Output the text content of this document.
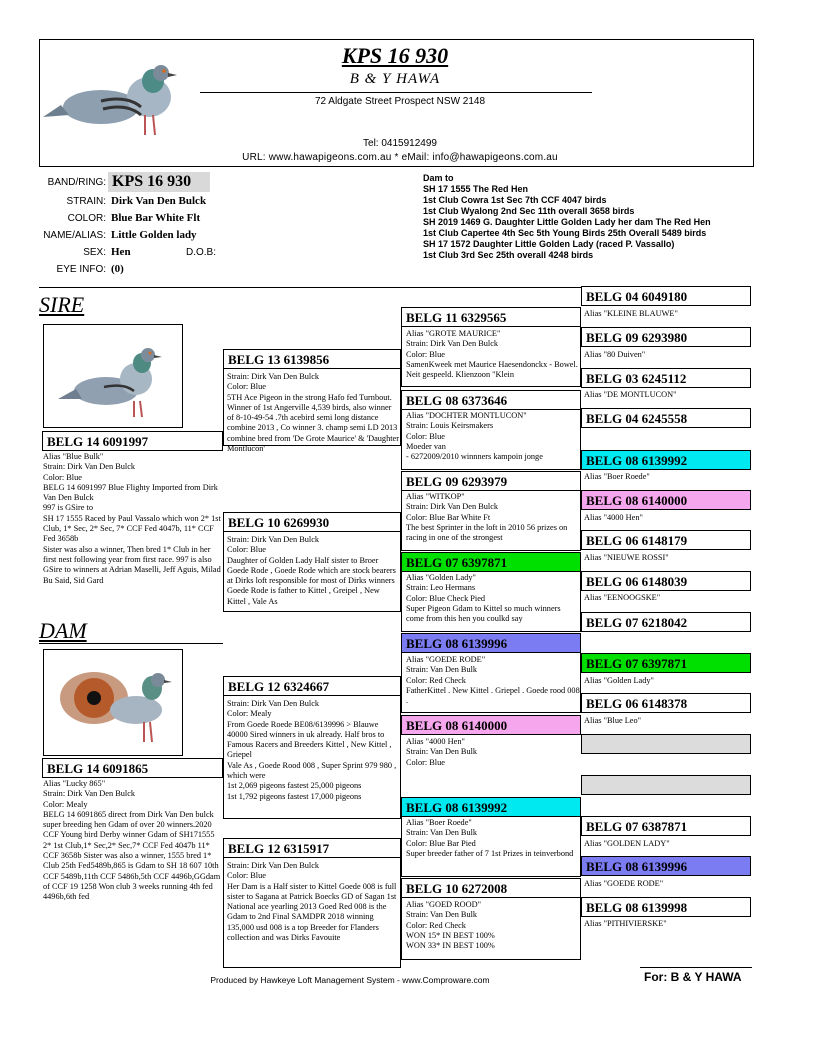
KPS 16 930
B & Y HAWA
72 Aldgate Street Prospect NSW 2148
Tel: 0415912499
URL: www.hawapigeons.com.au * eMail: info@hawapigeons.com.au
BAND/RING: KPS 16 930
STRAIN: Dirk Van Den Bulck
COLOR: Blue Bar White Flt
NAME/ALIAS: Little Golden lady
SEX: Hen	D.O.B:
EYE INFO: (0)
Dam to
SH 17 1555 The Red Hen
1st Club Cowra 1st Sec 7th CCF 4047 birds
1st Club Wyalong 2nd Sec 11th overall 3658 birds
SH 2019 1469 G. Daughter Little Golden Lady her dam The Red Hen
1st Club Capertee 4th Sec 5th Young Birds 25th Overall 5489 birds
SH 17 1572 Daughter Little Golden Lady (raced P. Vassallo)
1st Club 3rd Sec 25th overall 4248 birds
SIRE
BELG 14 6091997
Alias "Blue Bulk"
Strain: Dirk Van Den Bulck
Color: Blue
BELG 14 6091997 Blue Flighty Imported from Dirk Van Den Bulck
997 is GSire to
SH 17 1555 Raced by Paul Vassalo which won 2* 1st Club, 1* Sec, 2* Sec, 7* CCF Fed 4047b, 11* CCF Fed 3658b
Sister was also a winner, Then bred 1* Club in her first nest following year from first race. 997 is also GSire to winners at Adrian Maselli, Jeff Aguis, Milad Bu Said, Sid Gard
DAM
BELG 14 6091865
Alias "Lucky 865"
Strain: Dirk Van Den Bulck
Color: Mealy
BELG 14 6091865 direct from Dirk Van Den bulck super breeding hen Gdam of over 20 winners.2020 CCF Young bird Derby winner Gdam of SH171555 2* 1st Club,1* Sec,2* Sec,7* CCF Fed 4047b 11* CCF 3658b Sister was also a winner, 1555 bred 1* Club 25th Fed5489b,865 is Gdam to SH 18 607 10th CCF 5489b,11th CCF 5486b,5th CCF 4496b,GGdam of CCF 19 1258 Won club 3 weeks running 4th fed 4496b,6th fed
BELG 13 6139856
Strain: Dirk Van Den Bulck
Color: Blue
5TH Ace Pigeon in the strong Hafo fed Turnbout.
Winner of 1st Angerville 4,539 birds, also winner of 8-10-49-54 .7th acebird semi long distance combine 2013 , Co winner 3. champ semi LD 2013 combine bred from 'De Grote Maurice' & 'Daughter Montlucon'
BELG 10 6269930
Strain: Dirk Van Den Bulck
Color: Blue
Daughter of Golden Lady Half sister to Broer Goede Rode , Goede Rode which are stock bearers at Dirks loft responsible for most of Dirks winners Goede Rode is father to Kittel , Greipel , New Kittel , Vale As
BELG 12 6324667
Strain: Dirk Van Den Bulck
Color: Mealy
From Goede Roede BE08/6139996 > Blauwe 40000 Sired winners in uk already. Half bros to Famous Racers and Breeders Kittel , New Kittel , Griepel
Vale As , Goede Rood 008 , Super Sprint 979 980 , which were
1st 2,069 pigeons fastest 25,000 pigeons
1st 1,792 pigeons fastest 17,000 pigeons
BELG 12 6315917
Strain: Dirk Van Den Bulck
Color: Blue
Her Dam is a Half sister to Kittel Goede 008 is full sister to Sagana at Patrick Boecks GD of Sagan 1st National ace yearling 2013 Goed Red 008 is the Gdam to 2nd Final SAMDPR 2018 winning 135,000 usd 008 is a top Breeder for Flanders collection and was Dirks Favouite
BELG 11 6329565
Alias "GROTE MAURICE"
Strain: Dirk Van Den Bulck
Color: Blue
SamenKweek met Maurice Haesendonckx - Bowel. Neit gespeeld. Klienzoon "Klein
BELG 08 6373646
Alias "DOCHTER MONTLUCON"
Strain: Louis Keirsmakers
Color: Blue
Moeder van
- 6272009/2010 winnners kampoin jonge
BELG 09 6293979
Alias "WITKOP"
Strain: Dirk Van Den Bulck
Color: Blue Bar White Ft
The best Sprinter in the loft in 2010 56 prizes on racing in one of the strongest
BELG 07 6397871
Alias "Golden Lady"
Strain: Leo Hermans
Color: Blue Check Pied
Super Pigeon Gdam to Kittel so much winners come from this hen you coulkd say
BELG 08 6139996
Alias "GOEDE RODE"
Strain: Van Den Bulk
Color: Red Check
FatherKittel . New Kittel . Griepel . Goede rood 008 .
BELG 08 6140000
Alias "4000 Hen"
Strain: Van Den Bulk
Color: Blue
BELG 08 6139992
Alias "Boer Roede"
Strain: Van Den Bulk
Color: Blue Bar Pied
Super breeder father of 7 1st Prizes in teinverbond
BELG 10 6272008
Alias "GOED ROOD"
Strain: Van Den Bulk
Color: Red Check
WON 15* IN BEST 100%
WON 33* IN BEST 100%
BELG 04 6049180
Alias "KLEINE BLAUWE"
BELG 09 6293980
Alias "80 Duiven"
BELG 03 6245112
Alias "DE MONTLUCON"
BELG 04 6245558
BELG 08 6139992
Alias "Boer Roede"
BELG 08 6140000
Alias "4000 Hen"
BELG 06 6148179
Alias "NIEUWE ROSSI"
BELG 06 6148039
Alias "EENOOGSKE"
BELG 07 6218042
BELG 07 6397871
Alias "Golden Lady"
BELG 06 6148378
Alias "Blue Leo"
BELG 07 6387871
Alias "GOLDEN LADY"
BELG 08 6139996
Alias "GOEDE RODE"
BELG 08 6139998
Alias "PITHIVIERSKE"
Produced by Hawkeye Loft Management System - www.Comproware.com	For: B & Y HAWA
